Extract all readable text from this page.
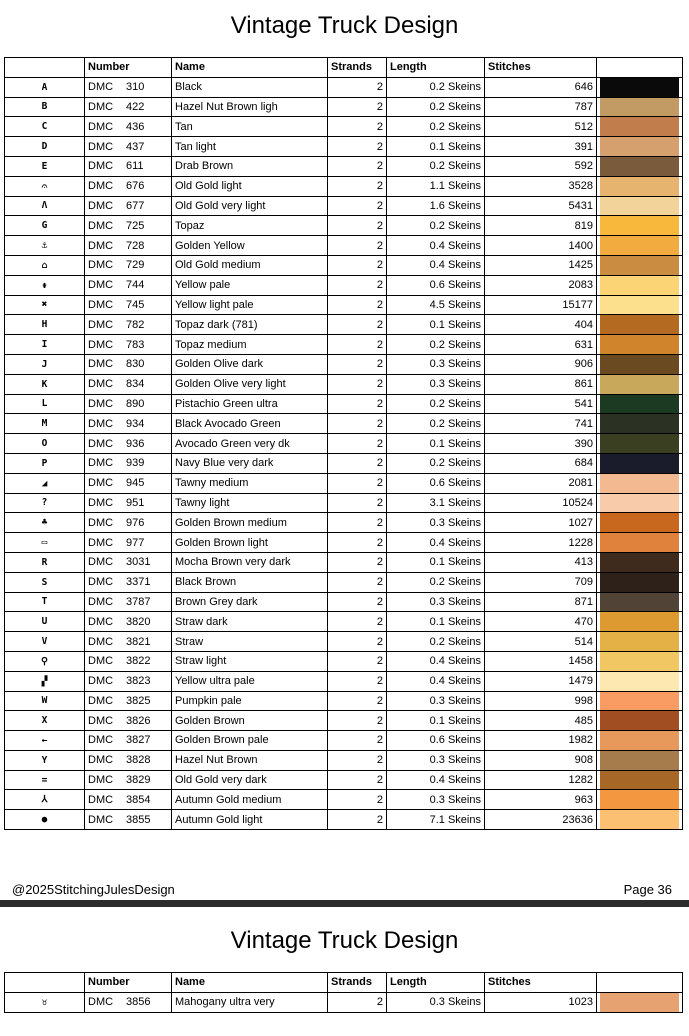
Vintage Truck Design
	Number	Name	Strands	Length	Stitches	
A	DMC 310	Black	2	0.2 Skeins	646	

B	DMC 422	Hazel Nut Brown ligh	2	0.2 Skeins	787	

C	DMC 436	Tan	2	0.2 Skeins	512	

D	DMC 437	Tan light	2	0.1 Skeins	391	

E	DMC 611	Drab Brown	2	0.2 Skeins	592	

𝄐	DMC 676	Old Gold light	2	1.1 Skeins	3528	

Λ	DMC 677	Old Gold very light	2	1.6 Skeins	5431	

G	DMC 725	Topaz	2	0.2 Skeins	819	

⚓	DMC 728	Golden Yellow	2	0.4 Skeins	1400	

⌂	DMC 729	Old Gold medium	2	0.4 Skeins	1425	

⇟	DMC 744	Yellow pale	2	0.6 Skeins	2083	

✖	DMC 745	Yellow light pale	2	4.5 Skeins	15177	

H	DMC 782	Topaz dark (781)	2	0.1 Skeins	404	

I	DMC 783	Topaz medium	2	0.2 Skeins	631	

J	DMC 830	Golden Olive dark	2	0.3 Skeins	906	

K	DMC 834	Golden Olive very light	2	0.3 Skeins	861	

L	DMC 890	Pistachio Green ultra	2	0.2 Skeins	541	

M	DMC 934	Black Avocado Green	2	0.2 Skeins	741	

O	DMC 936	Avocado Green very dk	2	0.1 Skeins	390	

P	DMC 939	Navy Blue very dark	2	0.2 Skeins	684	

◢	DMC 945	Tawny medium	2	0.6 Skeins	2081	

?	DMC 951	Tawny light	2	3.1 Skeins	10524	

♣	DMC 976	Golden Brown medium	2	0.3 Skeins	1027	

▭	DMC 977	Golden Brown light	2	0.4 Skeins	1228	

R	DMC 3031	Mocha Brown very dark	2	0.1 Skeins	413	

S	DMC 3371	Black Brown	2	0.2 Skeins	709	

T	DMC 3787	Brown Grey dark	2	0.3 Skeins	871	

U	DMC 3820	Straw dark	2	0.1 Skeins	470	

V	DMC 3821	Straw	2	0.2 Skeins	514	

⚲	DMC 3822	Straw light	2	0.4 Skeins	1458	

▞	DMC 3823	Yellow ultra pale	2	0.4 Skeins	1479	

W	DMC 3825	Pumpkin pale	2	0.3 Skeins	998	

X	DMC 3826	Golden Brown	2	0.1 Skeins	485	

←	DMC 3827	Golden Brown pale	2	0.6 Skeins	1982	

Y	DMC 3828	Hazel Nut Brown	2	0.3 Skeins	908	

=	DMC 3829	Old Gold very dark	2	0.4 Skeins	1282	

⅄	DMC 3854	Autumn Gold medium	2	0.3 Skeins	963	

●	DMC 3855	Autumn Gold light	2	7.1 Skeins	23636	
@2025StitchingJulesDesign	Page 36
Vintage Truck Design
	Number	Name	Strands	Length	Stitches	
♉	DMC 3856	Mahogany ultra very	2	0.3 Skeins	1023	
